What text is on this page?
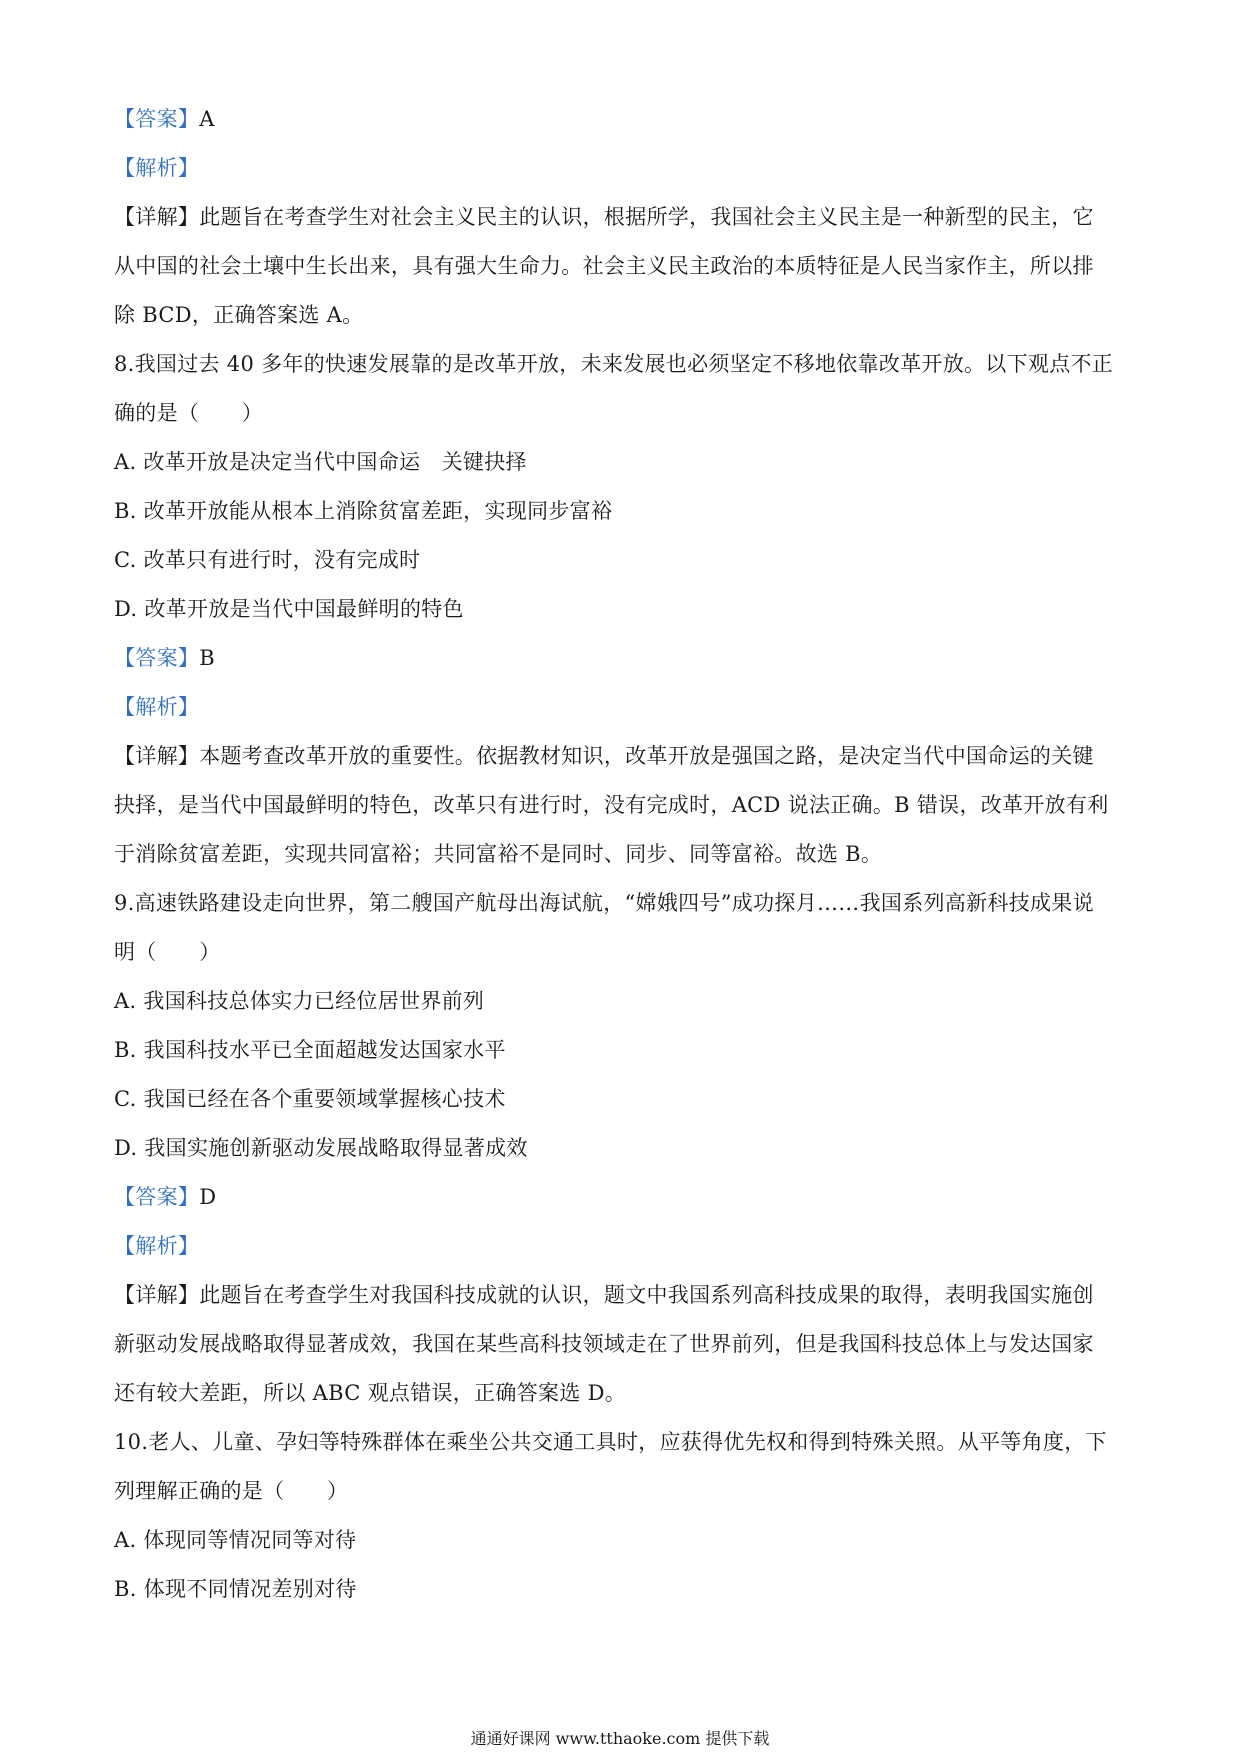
【答案】A
【解析】
【详解】此题旨在考查学生对社会主义民主的认识，根据所学，我国社会主义民主是一种新型的民主，它
从中国的社会土壤中生长出来，具有强大生命力。社会主义民主政治的本质特征是人民当家作主，所以排
除 BCD，正确答案选 A。
8.我国过去 40 多年的快速发展靠的是改革开放，未来发展也必须坚定不移地依靠改革开放。以下观点不正
确的是（　　）
A. 改革开放是决定当代中国命运　关键抉择
B. 改革开放能从根本上消除贫富差距，实现同步富裕
C. 改革只有进行时，没有完成时
D. 改革开放是当代中国最鲜明的特色
【答案】B
【解析】
【详解】本题考查改革开放的重要性。依据教材知识，改革开放是强国之路，是决定当代中国命运的关键
抉择，是当代中国最鲜明的特色，改革只有进行时，没有完成时，ACD 说法正确。B 错误，改革开放有利
于消除贫富差距，实现共同富裕；共同富裕不是同时、同步、同等富裕。故选 B。
9.高速铁路建设走向世界，第二艘国产航母出海试航，“嫦娥四号”成功探月……我国系列高新科技成果说
明（　　）
A. 我国科技总体实力已经位居世界前列
B. 我国科技水平已全面超越发达国家水平
C. 我国已经在各个重要领域掌握核心技术
D. 我国实施创新驱动发展战略取得显著成效
【答案】D
【解析】
【详解】此题旨在考查学生对我国科技成就的认识，题文中我国系列高科技成果的取得，表明我国实施创
新驱动发展战略取得显著成效，我国在某些高科技领域走在了世界前列，但是我国科技总体上与发达国家
还有较大差距，所以 ABC 观点错误，正确答案选 D。
10.老人、儿童、孕妇等特殊群体在乘坐公共交通工具时，应获得优先权和得到特殊关照。从平等角度，下
列理解正确的是（　　）
A. 体现同等情况同等对待
B. 体现不同情况差别对待
通通好课网 www.tthaoke.com 提供下载
